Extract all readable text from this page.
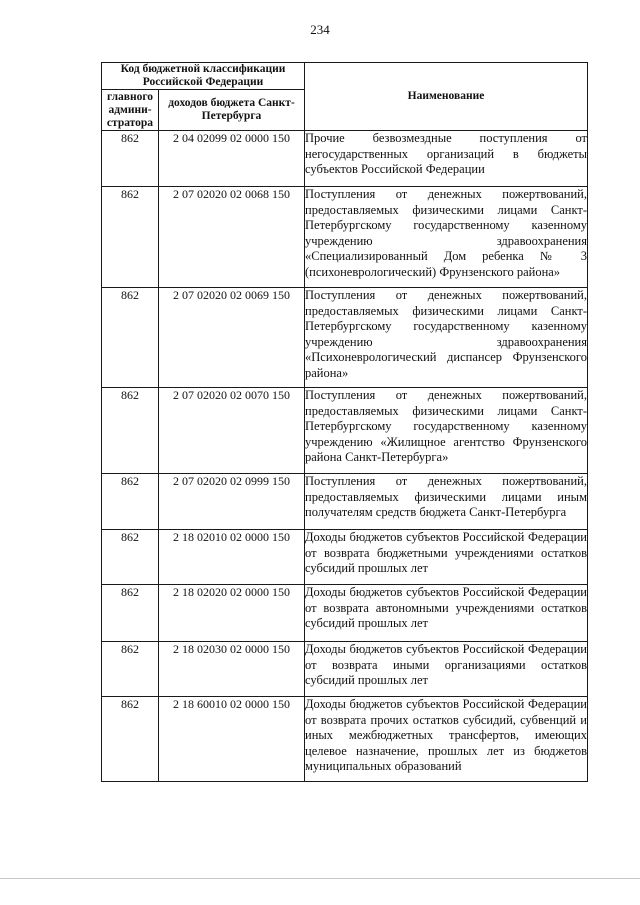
234
Код бюджетной классификации Российской Федерации		Наименование
главного админи-стратора	доходов бюджета Санкт-Петербурга	
862	2 04 02099 02 0000 150	Прочие безвозмездные поступления от негосударственных организаций в бюджеты субъектов Российской Федерации
862	2 07 02020 02 0068 150	Поступления от денежных пожертвований, предоставляемых физическими лицами Санкт-Петербургскому государственному казенному учреждению здравоохранения «Специализированный Дом ребенка № 3 (психоневрологический) Фрунзенского района»
862	2 07 02020 02 0069 150	Поступления от денежных пожертвований, предоставляемых физическими лицами Санкт-Петербургскому государственному казенному учреждению здравоохранения «Психоневрологический диспансер Фрунзенского района»
862	2 07 02020 02 0070 150	Поступления от денежных пожертвований, предоставляемых физическими лицами Санкт-Петербургскому государственному казенному учреждению «Жилищное агентство Фрунзенского района Санкт-Петербурга»
862	2 07 02020 02 0999 150	Поступления от денежных пожертвований, предоставляемых физическими лицами иным получателям средств бюджета Санкт-Петербурга
862	2 18 02010 02 0000 150	Доходы бюджетов субъектов Российской Федерации от возврата бюджетными учреждениями остатков субсидий прошлых лет
862	2 18 02020 02 0000 150	Доходы бюджетов субъектов Российской Федерации от возврата автономными учреждениями остатков субсидий прошлых лет
862	2 18 02030 02 0000 150	Доходы бюджетов субъектов Российской Федерации от возврата иными организациями остатков субсидий прошлых лет
862	2 18 60010 02 0000 150	Доходы бюджетов субъектов Российской Федерации от возврата прочих остатков субсидий, субвенций и иных межбюджетных трансфертов, имеющих целевое назначение, прошлых лет из бюджетов муниципальных образований
